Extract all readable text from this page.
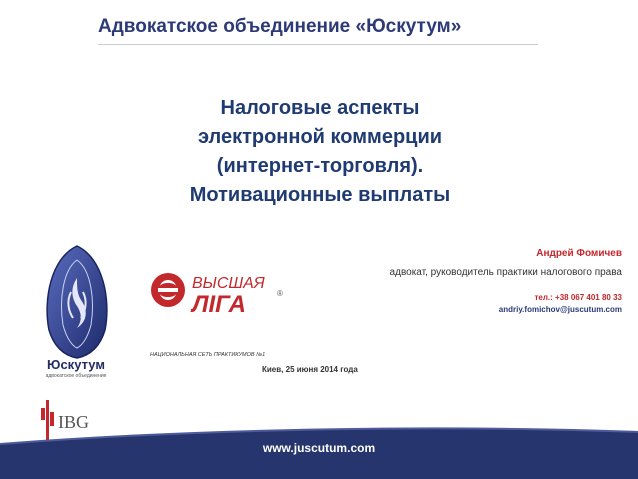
Адвокатское объединение «Юскутум»
Налоговые аспекты
электронной коммерции
(интернет-торговля).
Мотивационные выплаты
Андрей Фомичев
адвокат, руководитель практики налогового права
тел.: +38 067 401 80 33
andriy.fomichov@juscutum.com
Киев, 25 июня 2014 года
Юскутум
адвокатское объединение
ВЫСШАЯ
ЛIГА	®
НАЦИОНАЛЬНАЯ СЕТЬ ПРАКТИКУМОВ №1
IBG
www.juscutum.com
